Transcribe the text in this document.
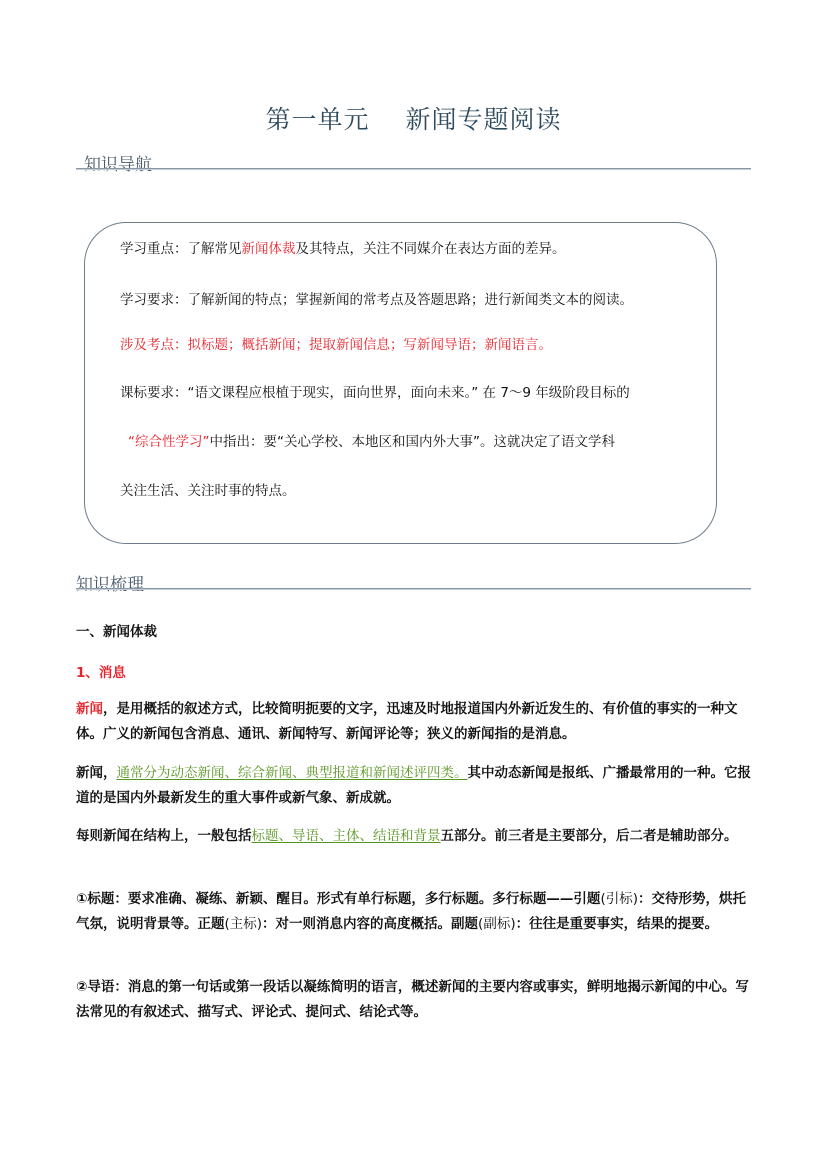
第一单元 新闻专题阅读
知识导航
学习重点：了解常见新闻体裁及其特点，关注不同媒介在表达方面的差异。
学习要求：了解新闻的特点；掌握新闻的常考点及答题思路；进行新闻类文本的阅读。
涉及考点：拟标题；概括新闻；提取新闻信息；写新闻导语；新闻语言。
课标要求：“语文课程应根植于现实，面向世界，面向未来。” 在 7～9 年级阶段目标的
“综合性学习”中指出：要“关心学校、本地区和国内外大事”。这就决定了语文学科
关注生活、关注时事的特点。
知识梳理
一、新闻体裁
1、消息
新闻，是用概括的叙述方式，比较简明扼要的文字，迅速及时地报道国内外新近发生的、有价值的事实的一种文体。广义的新闻包含消息、通讯、新闻特写、新闻评论等；狭义的新闻指的是消息。
新闻，通常分为动态新闻、综合新闻、典型报道和新闻述评四类。其中动态新闻是报纸、广播最常用的一种。它报道的是国内外最新发生的重大事件或新气象、新成就。
每则新闻在结构上，一般包括标题、导语、主体、结语和背景五部分。前三者是主要部分，后二者是辅助部分。
①标题：要求准确、凝练、新颖、醒目。形式有单行标题，多行标题。多行标题——引题(引标)：交待形势，烘托气氛，说明背景等。正题(主标)：对一则消息内容的高度概括。副题(副标)：往往是重要事实，结果的提要。
②导语：消息的第一句话或第一段话以凝练简明的语言，概述新闻的主要内容或事实，鲜明地揭示新闻的中心。写法常见的有叙述式、描写式、评论式、提问式、结论式等。
